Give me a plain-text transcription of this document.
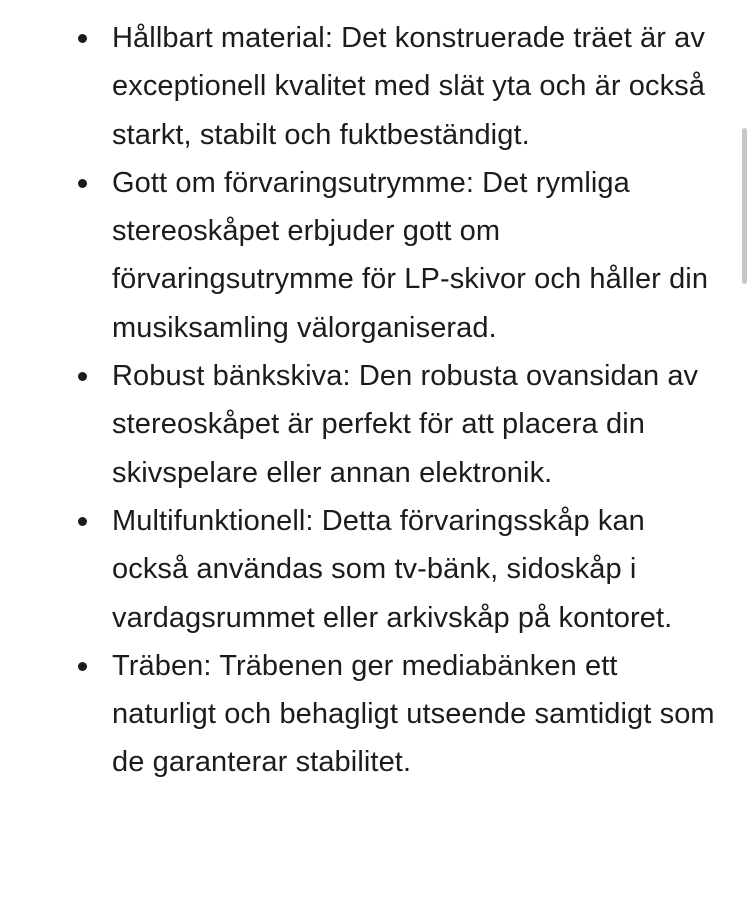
Hållbart material: Det konstruerade träet är av exceptionell kvalitet med slät yta och är också starkt, stabilt och fuktbeständigt.
Gott om förvaringsutrymme: Det rymliga stereoskåpet erbjuder gott om förvaringsutrymme för LP-skivor och håller din musiksamling välorganiserad.
Robust bänkskiva: Den robusta ovansidan av stereoskåpet är perfekt för att placera din skivspelare eller annan elektronik.
Multifunktionell: Detta förvaringsskåp kan också användas som tv-bänk, sidoskåp i vardagsrummet eller arkivskåp på kontoret.
Träben: Träbenen ger mediabänken ett naturligt och behagligt utseende samtidigt som de garanterar stabilitet.
